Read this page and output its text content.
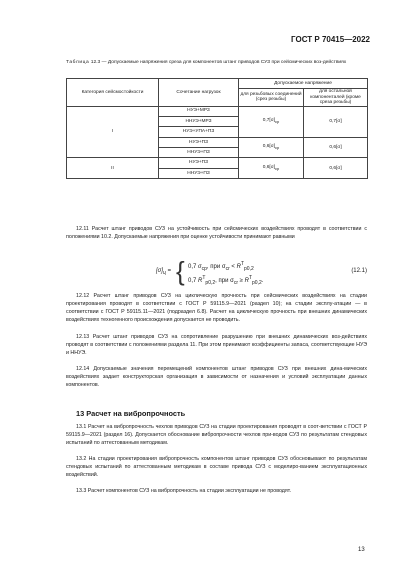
ГОСТ Р 70415—2022
Таблица 12.3 — Допускаемые напряжения среза для компонентов штанг приводов СУЗ при сейсмических воз-действиях
Категория сейсмостойкости	Сочетание нагрузок	Допускаемое напряжение	
		для резьбовых соединений (срез резьбы)	для остальной компоненталей (кроме среза резьбы)
I	НУЭ+МРЗ	$0,7[\sigma]_{ср}$	0,7[σ]
	ННУЭ+МРЗ		
	НУЭ+УПА+ПЗ		
	НУЭ+ПЗ	$0,6[\sigma]_{ср}$	0,6[σ]
	ННУЭ+ПЗ		
II	НУЭ+ПЗ	$0,6[\sigma]_{ср}$	0,6[σ]
	ННУЭ+ПЗ		

12.11 Расчет штанг приводов СУЗ на устойчивость при сейсмических воздействиях проводят в соответствии с положениями 10.2. Допускаемые напряжения при оценке устойчивости принимают равными

$[\sigma]_ц$ = { 0,7 $\sigma_{ср}$, при $\sigma_{cr} < R^T_{p0,2}$
0,7 $R^T_{p0,2}$, при $\sigma_{cr} \ge R^T_{p0,2}$.
(12.1)

12.12 Расчет штанг приводов СУЗ на циклическую прочность при сейсмических воздействиях на стадии проектирования проводят в соответствии с ГОСТ Р 59115.9—2021 (раздел 10); на стадии эксплу-атации — в соответствии с ГОСТ Р 59115.11—2021 (подраздел 6.8). Расчет на циклическую прочность при внешних динамических воздействиях техногенного происхождения допускается не проводить.

12.13 Расчет штанг приводов СУЗ на сопротивление разрушению при внешних динамических воз-действиях проводят в соответствии с положениями раздела 11. При этом принимают коэффициенты запаса, соответствующие НУЭ и ННУЭ.

12.14 Допускаемые значения перемещений компонентов штанг приводов СУЗ при внешних дина-мических воздействиях задает конструкторская организация в зависимости от назначения и условий эксплуатации данных компонентов.

13 Расчет на вибропрочность

13.1 Расчет на вибропрочность чехлов приводов СУЗ на стадии проектирования проводят в соот-ветствии с ГОСТ Р 59115.9—2021 (раздел 16). Допускается обоснование вибропрочности чехлов при-водов СУЗ по результатам стендовых испытаний по аттестованным методикам.

13.2 На стадии проектирования вибропрочность компонентов штанг приводов СУЗ обосновывают по результатам стендовых испытаний по аттестованным методикам в составе привода СУЗ с моделиро-ванием эксплуатационных воздействий.

13.3 Расчет компонентов СУЗ на вибропрочность на стадии эксплуатации не проводят.

13
